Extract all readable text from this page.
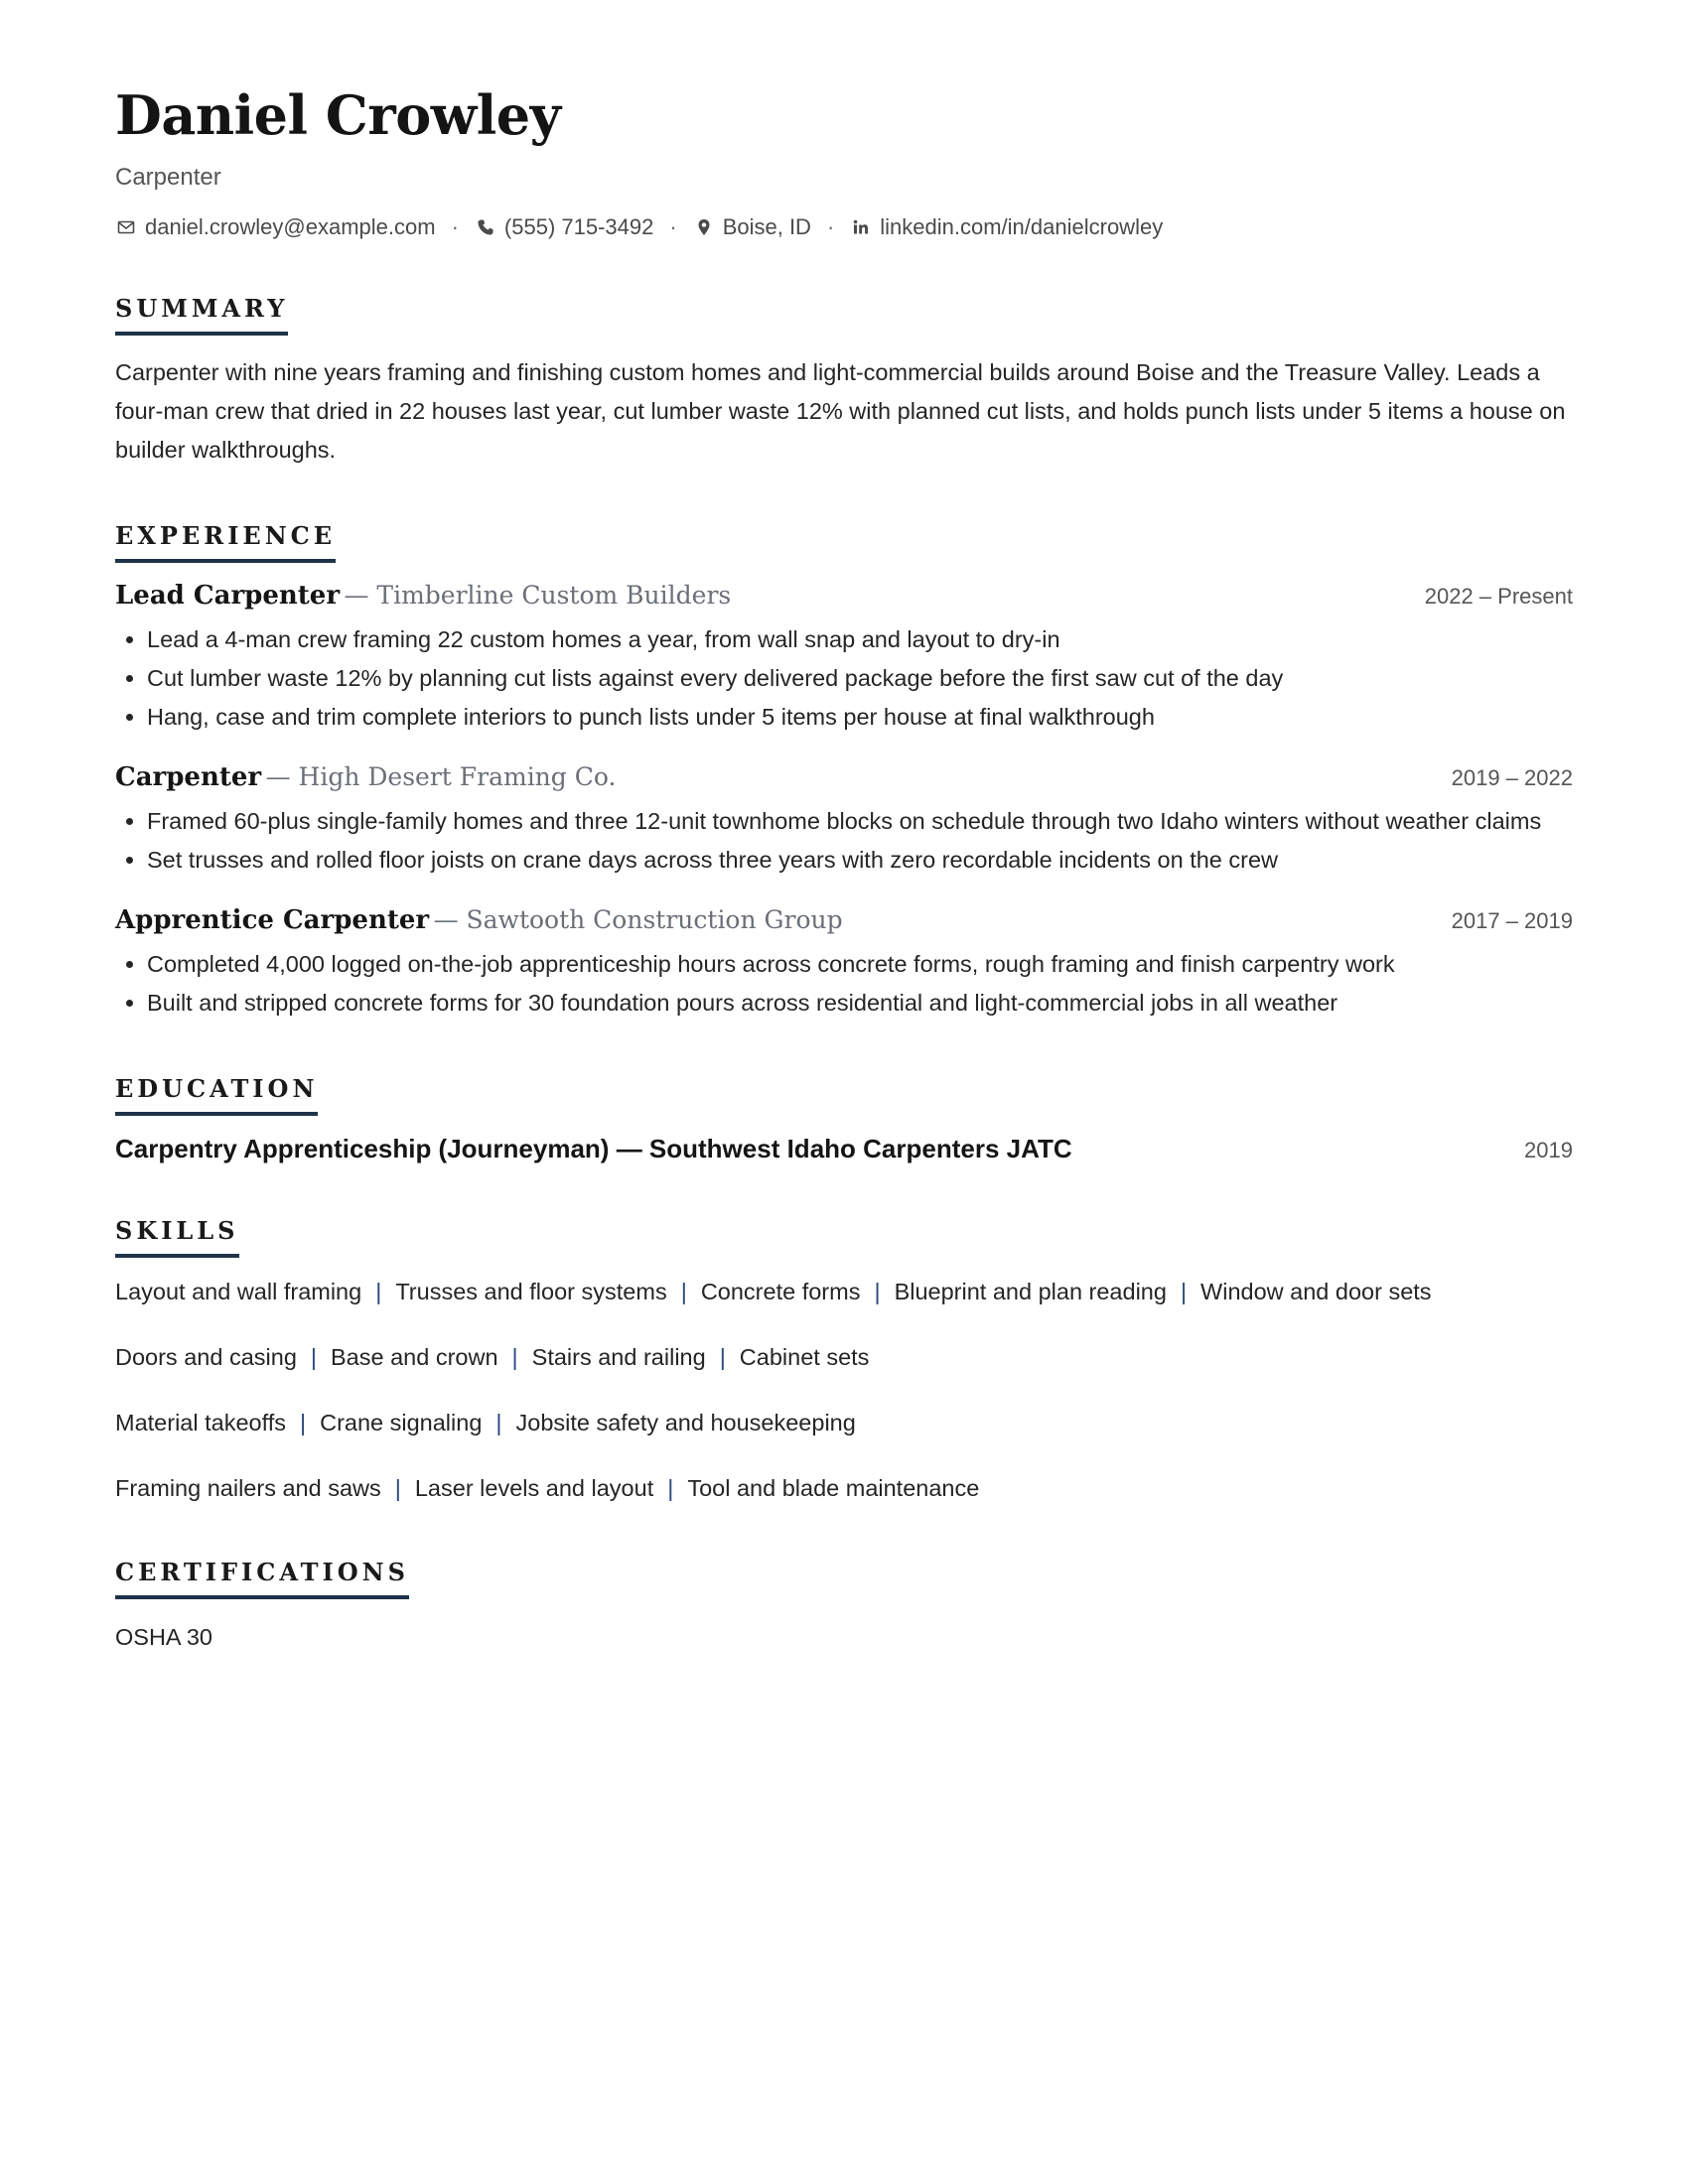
Daniel Crowley
Carpenter
daniel.crowley@example.com · (555) 715-3492 · Boise, ID · linkedin.com/in/danielcrowley
SUMMARY
Carpenter with nine years framing and finishing custom homes and light-commercial builds around Boise and the Treasure Valley. Leads a four-man crew that dried in 22 houses last year, cut lumber waste 12% with planned cut lists, and holds punch lists under 5 items a house on builder walkthroughs.
EXPERIENCE
Lead Carpenter — Timberline Custom Builders	2022 – Present
• Lead a 4-man crew framing 22 custom homes a year, from wall snap and layout to dry-in
• Cut lumber waste 12% by planning cut lists against every delivered package before the first saw cut of the day
• Hang, case and trim complete interiors to punch lists under 5 items per house at final walkthrough
Carpenter — High Desert Framing Co.	2019 – 2022
• Framed 60-plus single-family homes and three 12-unit townhome blocks on schedule through two Idaho winters without weather claims
• Set trusses and rolled floor joists on crane days across three years with zero recordable incidents on the crew
Apprentice Carpenter — Sawtooth Construction Group	2017 – 2019
• Completed 4,000 logged on-the-job apprenticeship hours across concrete forms, rough framing and finish carpentry work
• Built and stripped concrete forms for 30 foundation pours across residential and light-commercial jobs in all weather
EDUCATION
Carpentry Apprenticeship (Journeyman) — Southwest Idaho Carpenters JATC	2019
SKILLS
Layout and wall framing | Trusses and floor systems | Concrete forms | Blueprint and plan reading | Window and door sets
Doors and casing | Base and crown | Stairs and railing | Cabinet sets
Material takeoffs | Crane signaling | Jobsite safety and housekeeping
Framing nailers and saws | Laser levels and layout | Tool and blade maintenance
CERTIFICATIONS
OSHA 30
